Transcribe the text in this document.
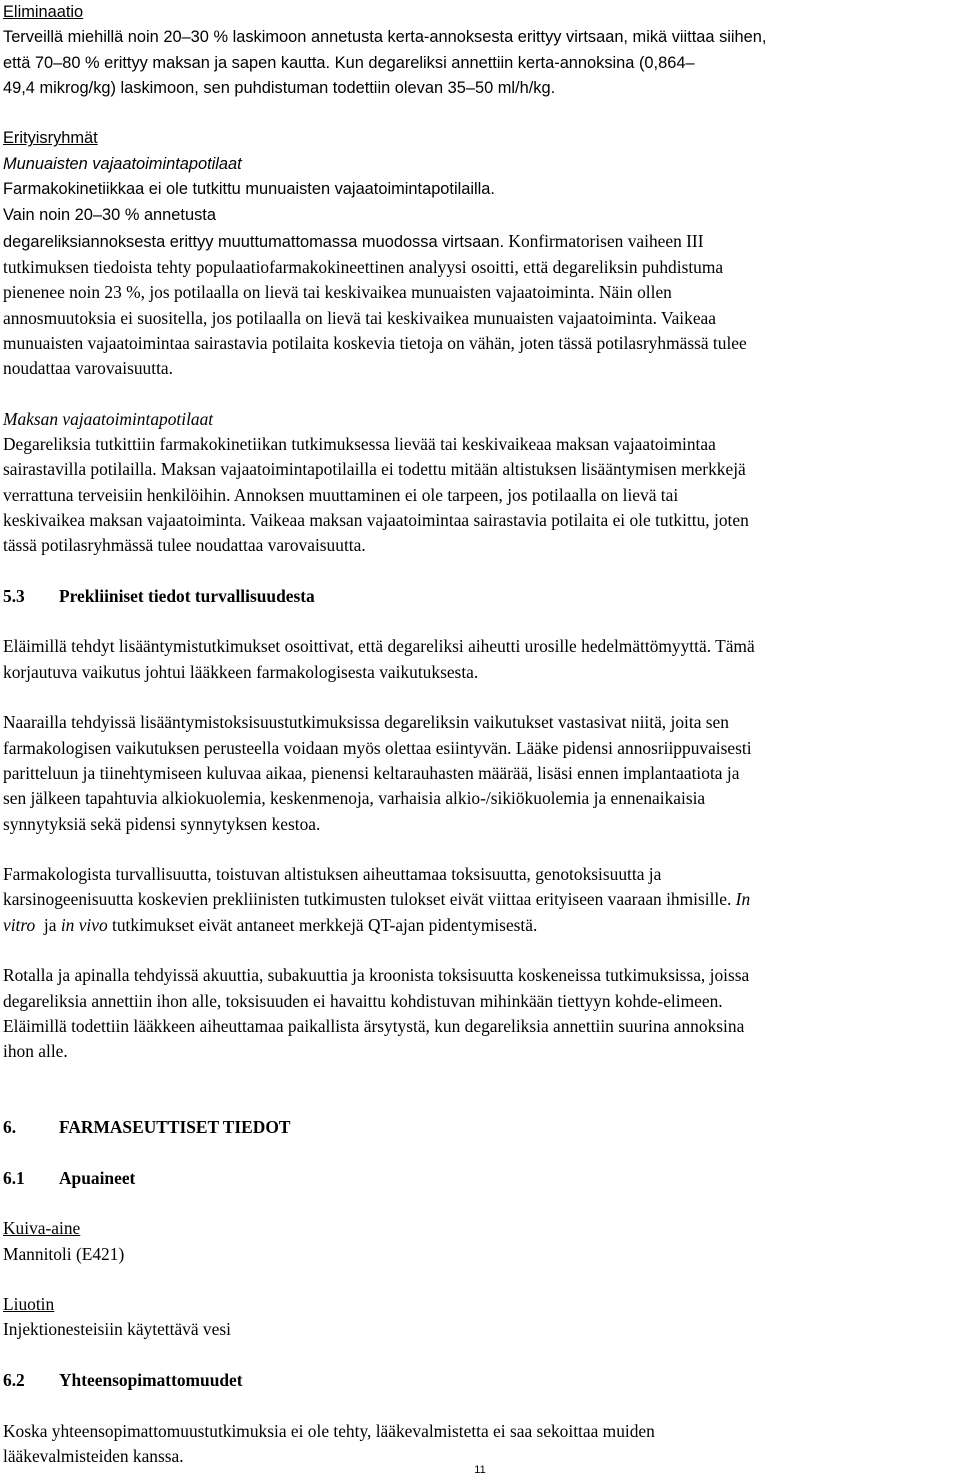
Eliminaatio
Terveillä miehillä noin 20–30 % laskimoon annetusta kerta-annoksesta erittyy virtsaan, mikä viittaa siihen,
että 70–80 % erittyy maksan ja sapen kautta. Kun degareliksi annettiin kerta-annoksina (0,864–
49,4 mikrog/kg) laskimoon, sen puhdistuman todettiin olevan 35–50 ml/h/kg.
Erityisryhmät
Munuaisten vajaatoimintapotilaat
Farmakokinetiikkaa ei ole tutkittu munuaisten vajaatoimintapotilailla.
Vain noin 20–30 % annetusta
degareliksiannoksesta erittyy muuttumattomassa muodossa virtsaan. Konfirmatorisen vaiheen III
tutkimuksen tiedoista tehty populaatiofarmakokineettinen analyysi osoitti, että degareliksin puhdistuma
pienenee noin 23 %, jos potilaalla on lievä tai keskivaikea munuaisten vajaatoiminta. Näin ollen
annosmuutoksia ei suositella, jos potilaalla on lievä tai keskivaikea munuaisten vajaatoiminta. Vaikeaa
munuaisten vajaatoimintaa sairastavia potilaita koskevia tietoja on vähän, joten tässä potilasryhmässä tulee
noudattaa varovaisuutta.
Maksan vajaatoimintapotilaat
Degareliksia tutkittiin farmakokinetiikan tutkimuksessa lievää tai keskivaikeaa maksan vajaatoimintaa
sairastavilla potilailla. Maksan vajaatoimintapotilailla ei todettu mitään altistuksen lisääntymisen merkkejä
verrattuna terveisiin henkilöihin. Annoksen muuttaminen ei ole tarpeen, jos potilaalla on lievä tai
keskivaikea maksan vajaatoiminta. Vaikeaa maksan vajaatoimintaa sairastavia potilaita ei ole tutkittu, joten
tässä potilasryhmässä tulee noudattaa varovaisuutta.
5.3 Prekliiniset tiedot turvallisuudesta
Eläimillä tehdyt lisääntymistutkimukset osoittivat, että degareliksi aiheutti urosille hedelmättömyyttä. Tämä
korjautuva vaikutus johtui lääkkeen farmakologisesta vaikutuksesta.
Naarailla tehdyissä lisääntymistoksisuustutkimuksissa degareliksin vaikutukset vastasivat niitä, joita sen
farmakologisen vaikutuksen perusteella voidaan myös olettaa esiintyvän. Lääke pidensi annosriippuvaisesti
paritteluun ja tiinehtymiseen kuluvaa aikaa, pienensi keltarauhasten määrää, lisäsi ennen implantaatiota ja
sen jälkeen tapahtuvia alkiokuolemia, keskenmenoja, varhaisia alkio-/sikiökuolemia ja ennenaikaisia
synnytyksiä sekä pidensi synnytyksen kestoa.
Farmakologista turvallisuutta, toistuvan altistuksen aiheuttamaa toksisuutta, genotoksisuutta ja
karsinogeenisuutta koskevien prekliinisten tutkimusten tulokset eivät viittaa erityiseen vaaraan ihmisille. In
vitro ja in vivo tutkimukset eivät antaneet merkkejä QT-ajan pidentymisestä.
Rotalla ja apinalla tehdyissä akuuttia, subakuuttia ja kroonista toksisuutta koskeneissa tutkimuksissa, joissa
degareliksia annettiin ihon alle, toksisuuden ei havaittu kohdistuvan mihinkään tiettyyn kohde-elimeen.
Eläimillä todettiin lääkkeen aiheuttamaa paikallista ärsytystä, kun degareliksia annettiin suurina annoksina
ihon alle.
6. FARMASEUTTISET TIEDOT
6.1 Apuaineet
Kuiva-aine
Mannitoli (E421)
Liuotin
Injektionesteisiin käytettävä vesi
6.2 Yhteensopimattomuudet
Koska yhteensopimattomuustutkimuksia ei ole tehty, lääkevalmistetta ei saa sekoittaa muiden
lääkevalmisteiden kanssa.
11
